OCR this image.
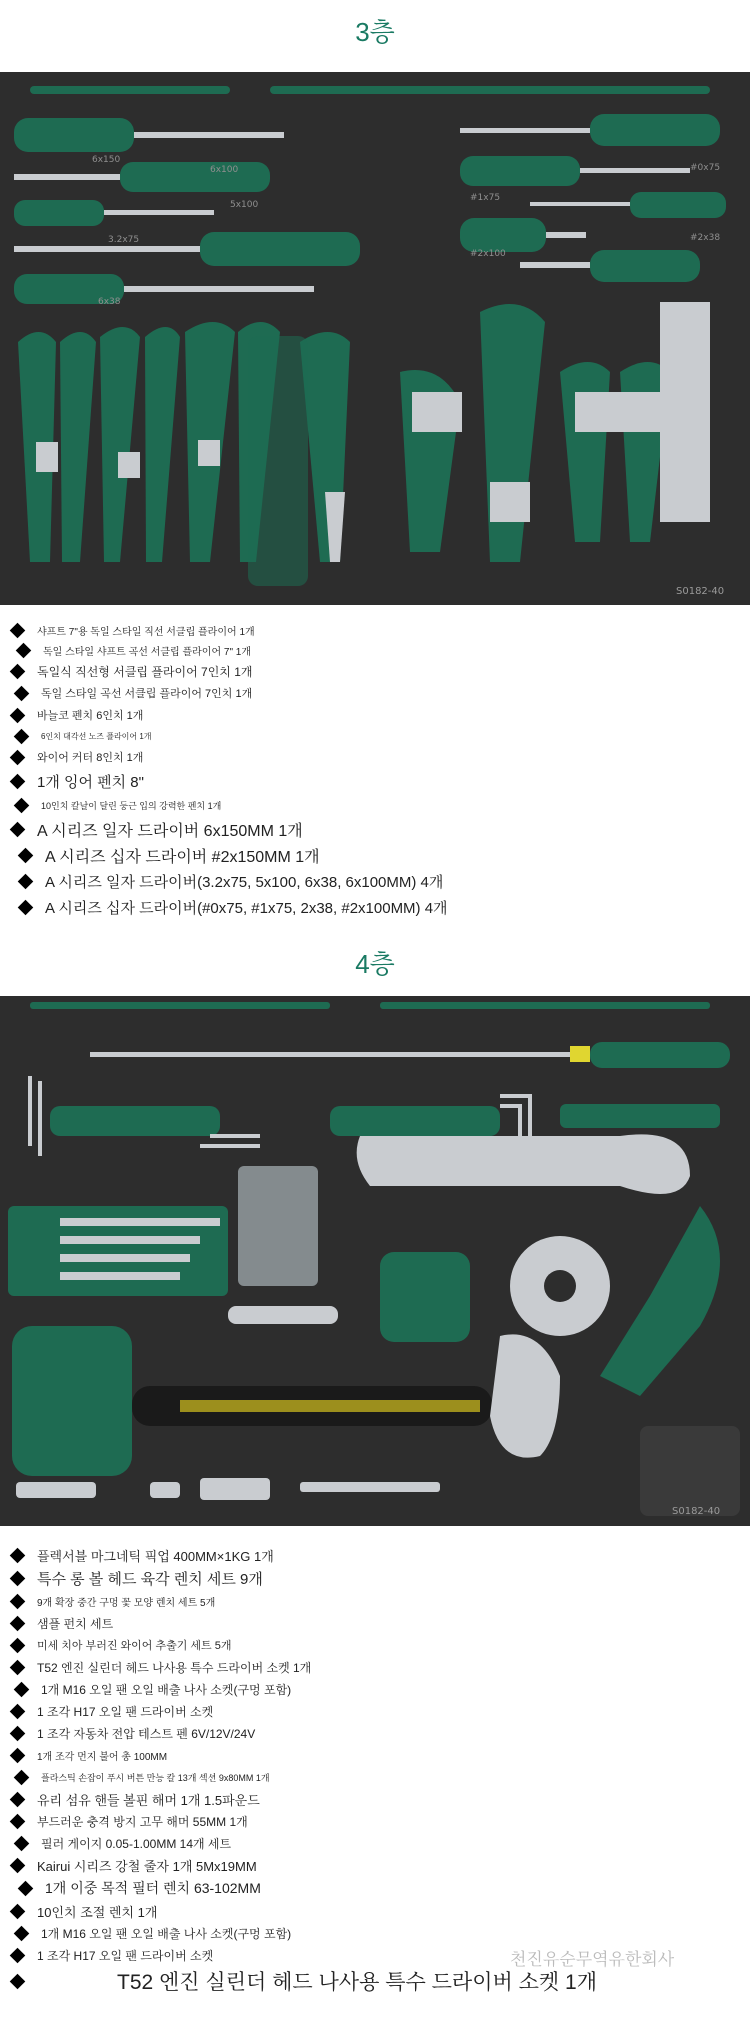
3층
S0182-40
6x150
6x100
5x100
3.2x75
6x38
#0x75
#1x75
#2x38
#2x100
샤프트 7"용 독일 스타일 직선 서클립 플라이어 1개
독일 스타일 샤프트 곡선 서클립 플라이어 7" 1개
독일식 직선형 서클립 플라이어 7인치 1개
독일 스타일 곡선 서클립 플라이어 7인치 1개
바늘코 펜치 6인치 1개
6인치 대각선 노즈 플라이어 1개
와이어 커터 8인치 1개
1개 잉어 펜치 8"
10인치 칼날이 달린 둥근 입의 강력한 펜치 1개
A 시리즈 일자 드라이버 6x150MM 1개
A 시리즈 십자 드라이버 #2x150MM 1개
A 시리즈 일자 드라이버(3.2x75, 5x100, 6x38, 6x100MM) 4개
A 시리즈 십자 드라이버(#0x75, #1x75, 2x38, #2x100MM) 4개
4층
S0182-40
플렉서블 마그네틱 픽업 400MM×1KG 1개
특수 롱 볼 헤드 육각 렌치 세트 9개
9개 확장 중간 구멍 꽃 모양 렌치 세트 5개
샘플 펀치 세트
미세 치아 부러진 와이어 추출기 세트 5개
T52 엔진 실린더 헤드 나사용 특수 드라이버 소켓 1개
1개 M16 오일 팬 오일 배출 나사 소켓(구멍 포함)
1 조각 H17 오일 팬 드라이버 소켓
1 조각 자동차 전압 테스트 펜 6V/12V/24V
1개 조각 먼지 불어 총 100MM
플라스틱 손잡이 푸시 버튼 만능 칼 13개 섹션 9x80MM 1개
유리 섬유 핸들 볼핀 해머 1개 1.5파운드
부드러운 충격 방지 고무 해머 55MM 1개
필러 게이지 0.05-1.00MM 14개 세트
Kairui 시리즈 강철 줄자 1개 5Mx19MM
1개 이중 목적 필터 렌치 63-102MM
10인치 조절 렌치 1개
1개 M16 오일 팬 오일 배출 나사 소켓(구멍 포함)
1 조각 H17 오일 팬 드라이버 소켓
T52 엔진 실린더 헤드 나사용 특수 드라이버 소켓 1개
천진유순무역유한회사
